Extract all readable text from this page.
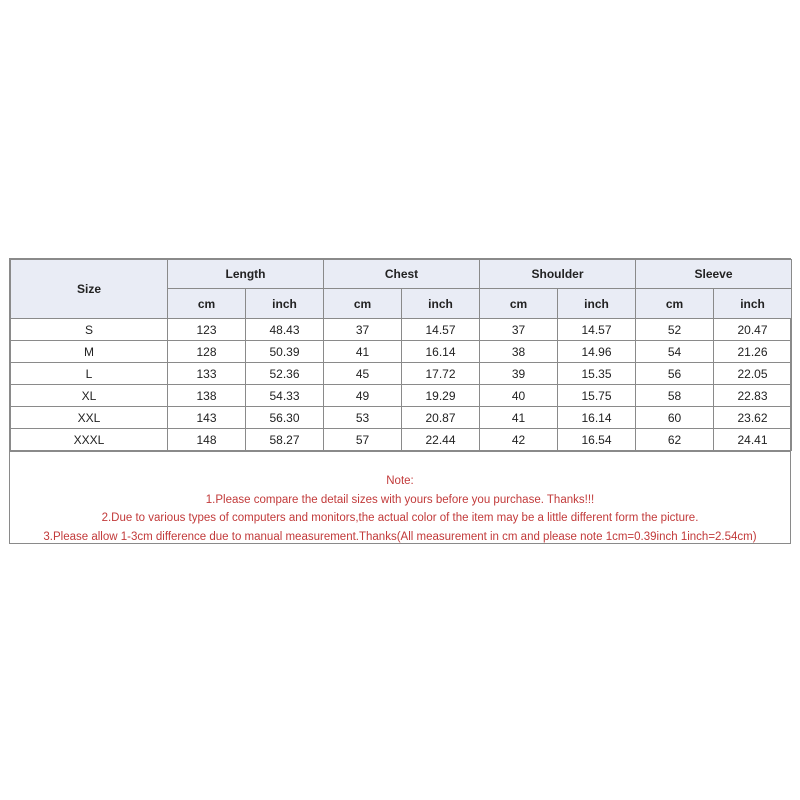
Size	Length		Chest		Shoulder		Sleeve	
	cm	inch	cm	inch	cm	inch	cm	inch
S	123	48.43	37	14.57	37	14.57	52	20.47
M	128	50.39	41	16.14	38	14.96	54	21.26
L	133	52.36	45	17.72	39	15.35	56	22.05
XL	138	54.33	49	19.29	40	15.75	58	22.83
XXL	143	56.30	53	20.87	41	16.14	60	23.62
XXXL	148	58.27	57	22.44	42	16.54	62	24.41
Note:
1.Please compare the detail sizes with yours before you purchase. Thanks!!!
2.Due to various types of computers and monitors,the actual color of the item may be a little different form the picture.
3.Please allow 1-3cm difference due to manual measurement.Thanks(All measurement in cm and please note 1cm=0.39inch 1inch=2.54cm)
